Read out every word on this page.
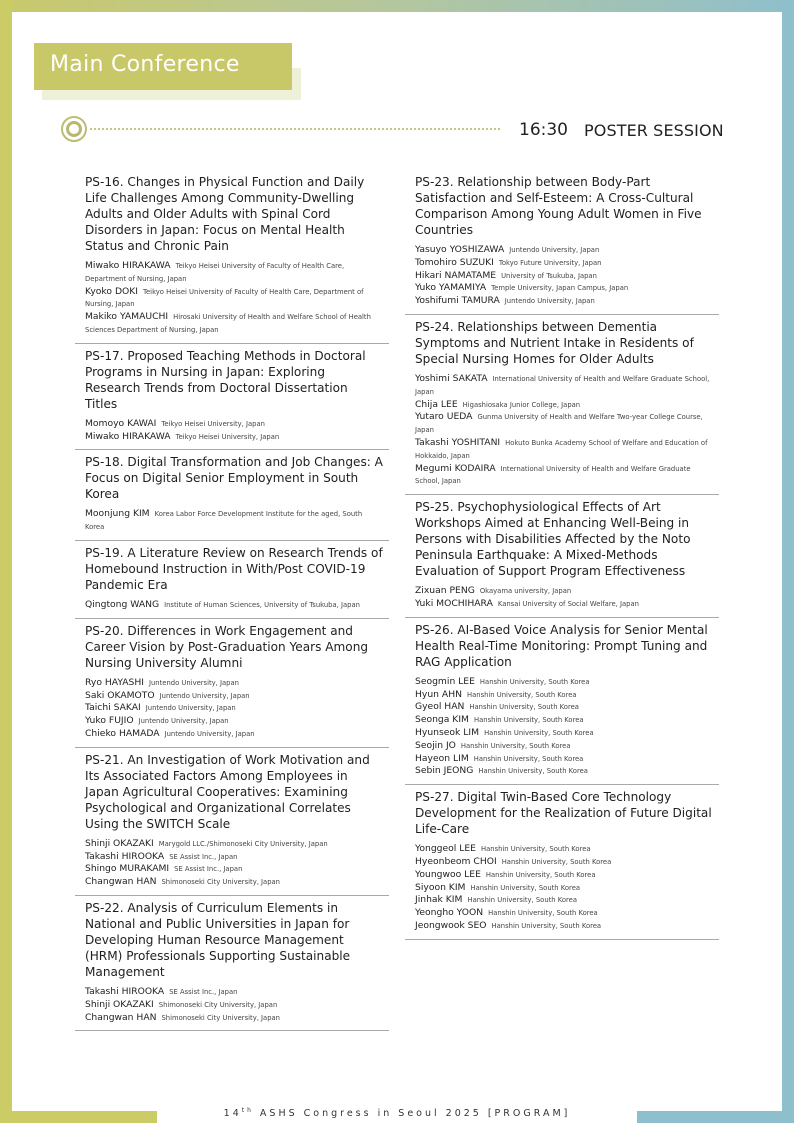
Main Conference
16:30 POSTER SESSION
PS-16. Changes in Physical Function and Daily Life Challenges Among Community-Dwelling Adults and Older Adults with Spinal Cord Disorders in Japan: Focus on Mental Health Status and Chronic Pain
Miwako HIRAKAWA Teikyo Heisei University of Faculty of Health Care, Department of Nursing, Japan
Kyoko DOKI Teikyo Heisei University of Faculty of Health Care, Department of Nursing, Japan
Makiko YAMAUCHI Hirosaki University of Health and Welfare School of Health Sciences Department of Nursing, Japan
PS-17. Proposed Teaching Methods in Doctoral Programs in Nursing in Japan: Exploring Research Trends from Doctoral Dissertation Titles
Momoyo KAWAI Teikyo Heisei University, Japan
Miwako HIRAKAWA Teikyo Heisei University, Japan
PS-18. Digital Transformation and Job Changes: A Focus on Digital Senior Employment in South Korea
Moonjung KIM Korea Labor Force Development Institute for the aged, South Korea
PS-19. A Literature Review on Research Trends of Homebound Instruction in With/Post COVID-19 Pandemic Era
Qingtong WANG Institute of Human Sciences, University of Tsukuba, Japan
PS-20. Differences in Work Engagement and Career Vision by Post-Graduation Years Among Nursing University Alumni
Ryo HAYASHI Juntendo University, Japan
Saki OKAMOTO Juntendo University, Japan
Taichi SAKAI Juntendo University, Japan
Yuko FUJIO Juntendo University, Japan
Chieko HAMADA Juntendo University, Japan
PS-21. An Investigation of Work Motivation and Its Associated Factors Among Employees in Japan Agricultural Cooperatives: Examining Psychological and Organizational Correlates Using the SWITCH Scale
Shinji OKAZAKI Marygold LLC./Shimonoseki City University, Japan
Takashi HIROOKA SE Assist Inc., Japan
Shingo MURAKAMI SE Assist Inc., Japan
Changwan HAN Shimonoseki City University, Japan
PS-22. Analysis of Curriculum Elements in National and Public Universities in Japan for Developing Human Resource Management (HRM) Professionals Supporting Sustainable Management
Takashi HIROOKA SE Assist Inc., Japan
Shinji OKAZAKI Shimonoseki City University, Japan
Changwan HAN Shimonoseki City University, Japan
PS-23. Relationship between Body-Part Satisfaction and Self-Esteem: A Cross-Cultural Comparison Among Young Adult Women in Five Countries
Yasuyo YOSHIZAWA Juntendo University, Japan
Tomohiro SUZUKI Tokyo Future University, Japan
Hikari NAMATAME University of Tsukuba, Japan
Yuko YAMAMIYA Temple University, Japan Campus, Japan
Yoshifumi TAMURA Juntendo University, Japan
PS-24. Relationships between Dementia Symptoms and Nutrient Intake in Residents of Special Nursing Homes for Older Adults
Yoshimi SAKATA International University of Health and Welfare Graduate School, Japan
Chija LEE Higashiosaka Junior College, Japan
Yutaro UEDA Gunma University of Health and Welfare Two-year College Course, Japan
Takashi YOSHITANI Hokuto Bunka Academy School of Welfare and Education of Hokkaido, Japan
Megumi KODAIRA International University of Health and Welfare Graduate School, Japan
PS-25. Psychophysiological Effects of Art Workshops Aimed at Enhancing Well-Being in Persons with Disabilities Affected by the Noto Peninsula Earthquake: A Mixed-Methods Evaluation of Support Program Effectiveness
Zixuan PENG Okayama university, Japan
Yuki MOCHIHARA Kansai University of Social Welfare, Japan
PS-26. AI-Based Voice Analysis for Senior Mental Health Real-Time Monitoring: Prompt Tuning and RAG Application
Seogmin LEE Hanshin University, South Korea
Hyun AHN Hanshin University, South Korea
Gyeol HAN Hanshin University, South Korea
Seonga KIM Hanshin University, South Korea
Hyunseok LIM Hanshin University, South Korea
Seojin JO Hanshin University, South Korea
Hayeon LIM Hanshin University, South Korea
Sebin JEONG Hanshin University, South Korea
PS-27. Digital Twin-Based Core Technology Development for the Realization of Future Digital Life-Care
Yonggeol LEE Hanshin University, South Korea
Hyeonbeom CHOI Hanshin University, South Korea
Youngwoo LEE Hanshin University, South Korea
Siyoon KIM Hanshin University, South Korea
Jinhak KIM Hanshin University, South Korea
Yeongho YOON Hanshin University, South Korea
Jeongwook SEO Hanshin University, South Korea
14th ASHS Congress in Seoul 2025 [PROGRAM]
